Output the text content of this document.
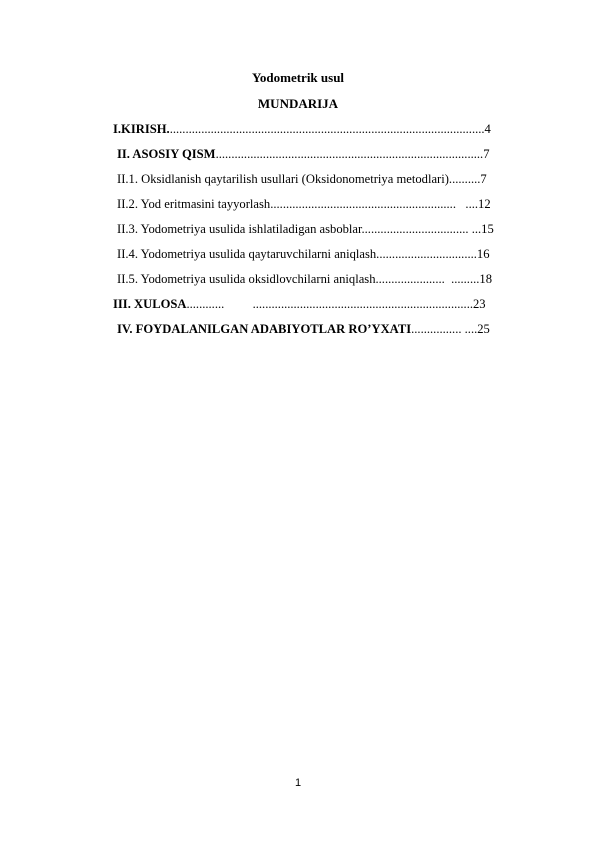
Yodometrik usul
MUNDARIJA
I.KIRISH.....................................................................................................4
II. ASOSIY QISM.....................................................................................7
II.1. Oksidlanish qaytarilish usullari (Oksidonometriya metodlari)..........7
II.2. Yod eritmasini tayyorlash...........................................................   ....12
II.3. Yodometriya usulida ishlatiladigan asboblar.................................. ...15
II.4. Yodometriya usulida qaytaruvchilarni aniqlash................................16
II.5. Yodometriya usulida oksidlovchilarni aniqlash......................  .........18
III. XULOSA............         ......................................................................23
IV. FOYDALANILGAN ADABIYOTLAR RO’YXATI................ ....25
1
